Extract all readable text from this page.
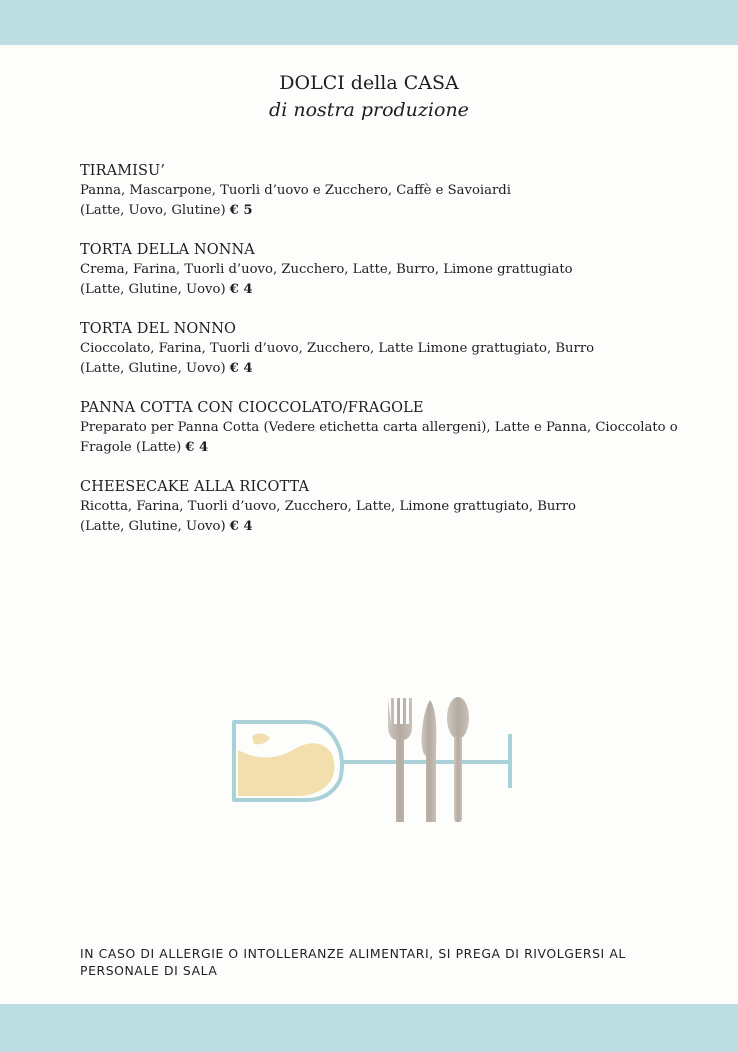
DOLCI della CASA
di nostra produzione
TIRAMISU’
Panna, Mascarpone, Tuorli d’uovo e Zucchero, Caffè e Savoiardi
(Latte, Uovo, Glutine) € 5
TORTA DELLA NONNA
Crema, Farina, Tuorli d’uovo, Zucchero, Latte, Burro, Limone grattugiato
(Latte, Glutine, Uovo) € 4
TORTA DEL NONNO
Cioccolato, Farina, Tuorli d’uovo, Zucchero, Latte Limone grattugiato, Burro
(Latte, Glutine, Uovo) € 4
PANNA COTTA CON CIOCCOLATO/FRAGOLE
Preparato per Panna Cotta (Vedere etichetta carta allergeni), Latte e Panna, Cioccolato o Fragole (Latte) € 4
CHEESECAKE ALLA RICOTTA
Ricotta, Farina, Tuorli d’uovo, Zucchero, Latte, Limone grattugiato, Burro
(Latte, Glutine, Uovo) € 4
IN CASO DI ALLERGIE O INTOLLERANZE ALIMENTARI, SI PREGA DI RIVOLGERSI AL PERSONALE DI SALA
